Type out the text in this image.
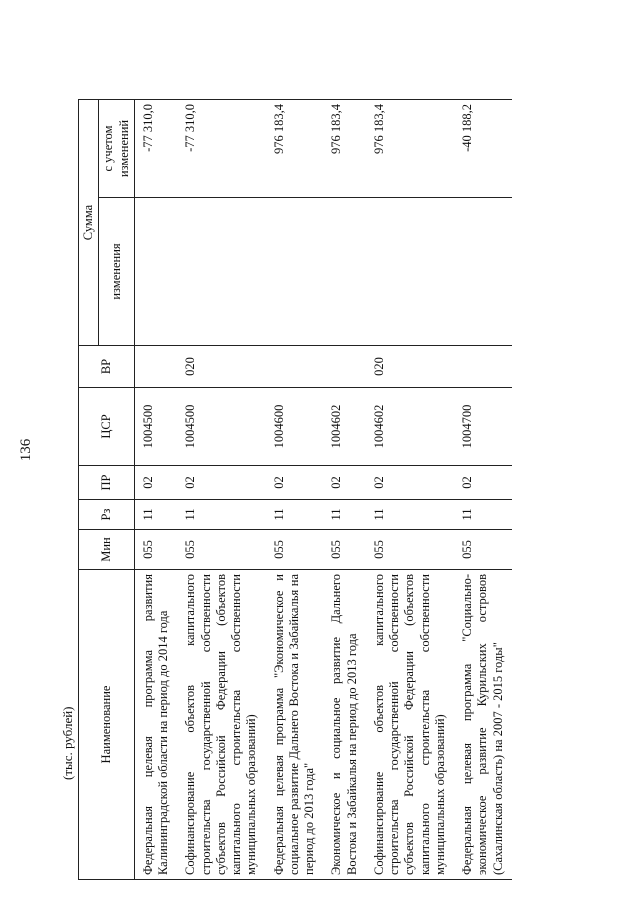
136
(тыс. рублей) Наименование	Мин	Рз	ПР	ЦСР	ВР	Сумма	
						изменения	с учетом изменений
Федеральная целевая программа развития Калининградской области на период до 2014 года	055	11	02	1004500			-77 310,0
Софинансирование объектов капитального строительства государственной собственности субъектов Российской Федерации (объектов капитального строительства собственности муниципальных образований)	055	11	02	1004500	020		-77 310,0
Федеральная целевая программа "Экономическое и социальное развитие Дальнего Востока и Забайкалья на период до 2013 года"	055	11	02	1004600			976 183,4
Экономическое и социальное развитие Дальнего Востока и Забайкалья на период до 2013 года	055	11	02	1004602			976 183,4
Софинансирование объектов капитального строительства государственной собственности субъектов Российской Федерации (объектов капитального строительства собственности муниципальных образований)	055	11	02	1004602	020		976 183,4
Федеральная целевая программа "Социально-экономическое развитие Курильских островов (Сахалинская область) на 2007 - 2015 годы"	055	11	02	1004700			-40 188,2
